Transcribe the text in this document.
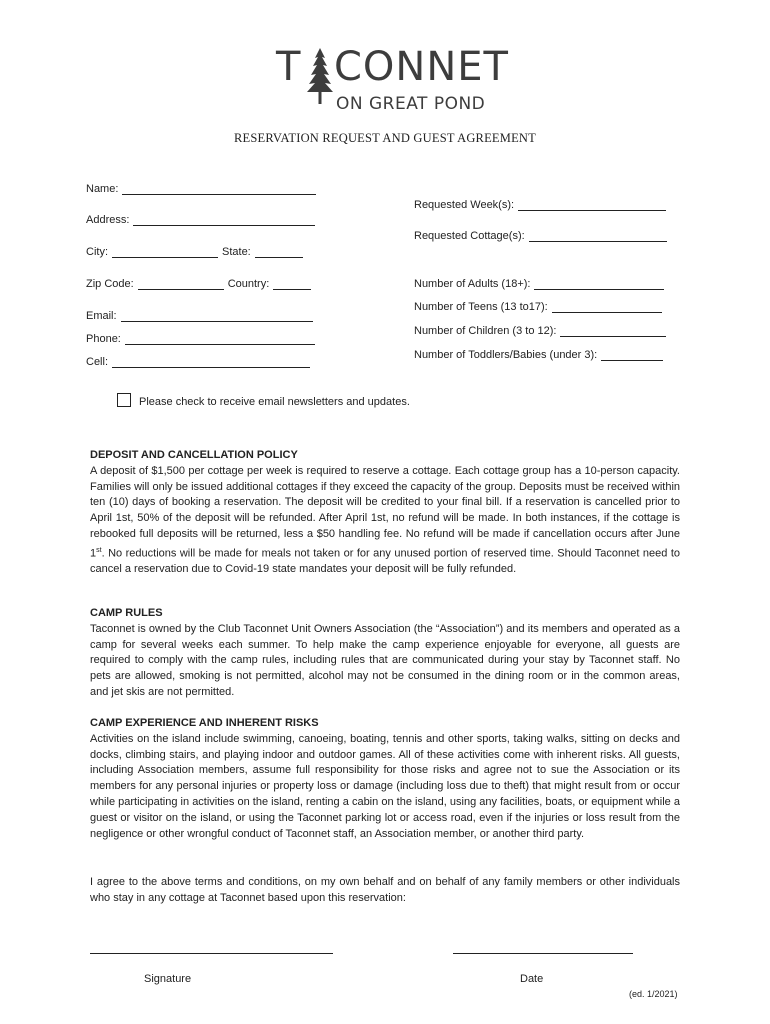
T CONNET
ON GREAT POND
RESERVATION REQUEST AND GUEST AGREEMENT
Name:
Address:
City:	State:
Zip Code:	Country:
Email:
Phone:
Cell:
Requested Week(s):
Requested Cottage(s):
Number of Adults (18+):
Number of Teens (13 to17):
Number of Children (3 to 12):
Number of Toddlers/Babies (under 3):
Please check to receive email newsletters and updates.
DEPOSIT AND CANCELLATION POLICY

A deposit of $1,500 per cottage per week is required to reserve a cottage. Each cottage group has a 10-person capacity. Families will only be issued additional cottages if they exceed the capacity of the group. Deposits must be received within ten (10) days of booking a reservation. The deposit will be credited to your final bill. If a reservation is cancelled prior to April 1st, 50% of the deposit will be refunded. After April 1st, no refund will be made. In both instances, if the cottage is rebooked full deposits will be returned, less a $50 handling fee. No refund will be made if cancellation occurs after June 1st. No reductions will be made for meals not taken or for any unused portion of reserved time. Should Taconnet need to cancel a reservation due to Covid-19 state mandates your deposit will be fully refunded.

CAMP RULES

Taconnet is owned by the Club Taconnet Unit Owners Association (the “Association”) and its members and operated as a camp for several weeks each summer. To help make the camp experience enjoyable for everyone, all guests are required to comply with the camp rules, including rules that are communicated during your stay by Taconnet staff. No pets are allowed, smoking is not permitted, alcohol may not be consumed in the dining room or in the common areas, and jet skis are not permitted.

CAMP EXPERIENCE AND INHERENT RISKS

Activities on the island include swimming, canoeing, boating, tennis and other sports, taking walks, sitting on decks and docks, climbing stairs, and playing indoor and outdoor games. All of these activities come with inherent risks. All guests, including Association members, assume full responsibility for those risks and agree not to sue the Association or its members for any personal injuries or property loss or damage (including loss due to theft) that might result from or occur while participating in activities on the island, renting a cabin on the island, using any facilities, boats, or equipment while a guest or visitor on the island, or using the Taconnet parking lot or access road, even if the injuries or loss result from the negligence or other wrongful conduct of Taconnet staff, an Association member, or another third party.

I agree to the above terms and conditions, on my own behalf and on behalf of any family members or other individuals who stay in any cottage at Taconnet based upon this reservation:

Signature	Date
(ed. 1/2021)
